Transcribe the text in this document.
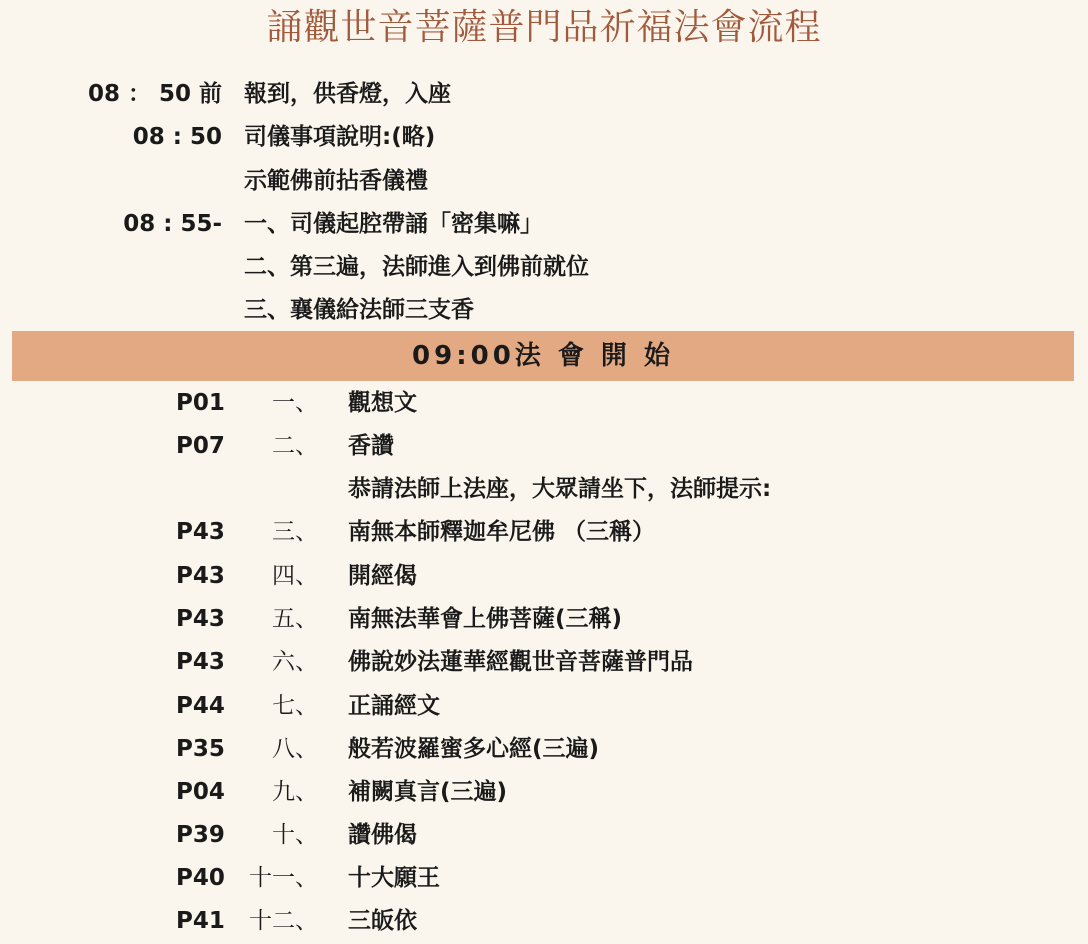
誦觀世音菩薩普門品祈福法會流程
08 ： 50 前 報到，供香燈，入座
08 : 50 司儀事項說明:(略)
示範佛前拈香儀禮
08 : 55- 一、司儀起腔帶誦「密集嘛」
二、第三遍，法師進入到佛前就位
三、襄儀給法師三支香
09:00法 會 開 始
P01 一、 觀想文
P07 二、 香讚
恭請法師上法座，大眾請坐下，法師提示:
P43 三、 南無本師釋迦牟尼佛 （三稱）
P43 四、 開經偈
P43 五、 南無法華會上佛菩薩(三稱)
P43 六、 佛說妙法蓮華經觀世音菩薩普門品
P44 七、 正誦經文
P35 八、 般若波羅蜜多心經(三遍)
P04 九、 補闕真言(三遍)
P39 十、 讚佛偈
P40 十一、 十大願王
P41 十二、 三皈依
